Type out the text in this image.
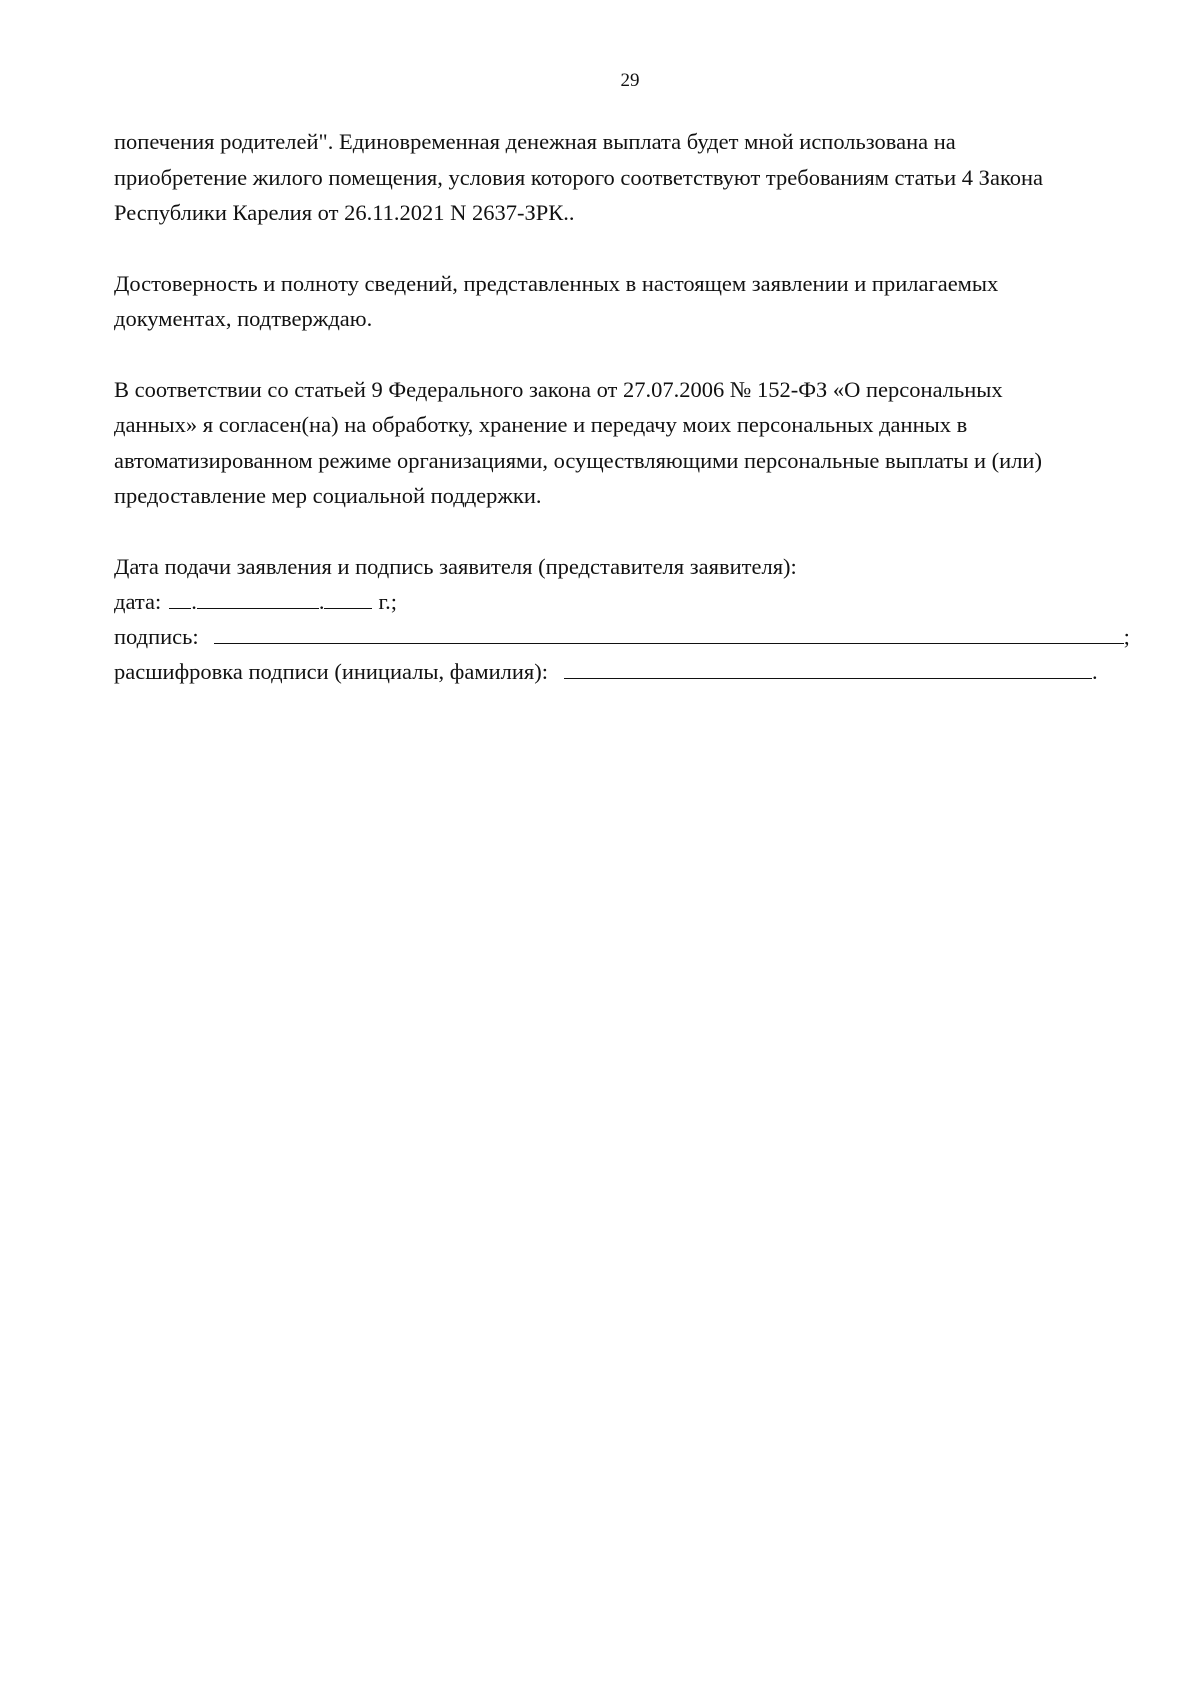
29

попечения родителей". Единовременная денежная выплата будет мной использована на
приобретение жилого помещения, условия которого соответствуют требованиям статьи 4 Закона
Республики Карелия от 26.11.2021 N 2637-ЗРК..

Достоверность и полноту сведений, представленных в настоящем заявлении и прилагаемых
документах, подтверждаю.

В соответствии со статьей 9 Федерального закона от 27.07.2006 № 152-ФЗ «О персональных
данных» я согласен(на) на обработку, хранение и передачу моих персональных данных в
автоматизированном режиме организациями, осуществляющими персональные выплаты и (или)
предоставление мер социальной поддержки.

Дата подачи заявления и подпись заявителя (представителя заявителя):
дата: .	. г.;
подпись:	;
расшифровка подписи (инициалы, фамилия):	.
